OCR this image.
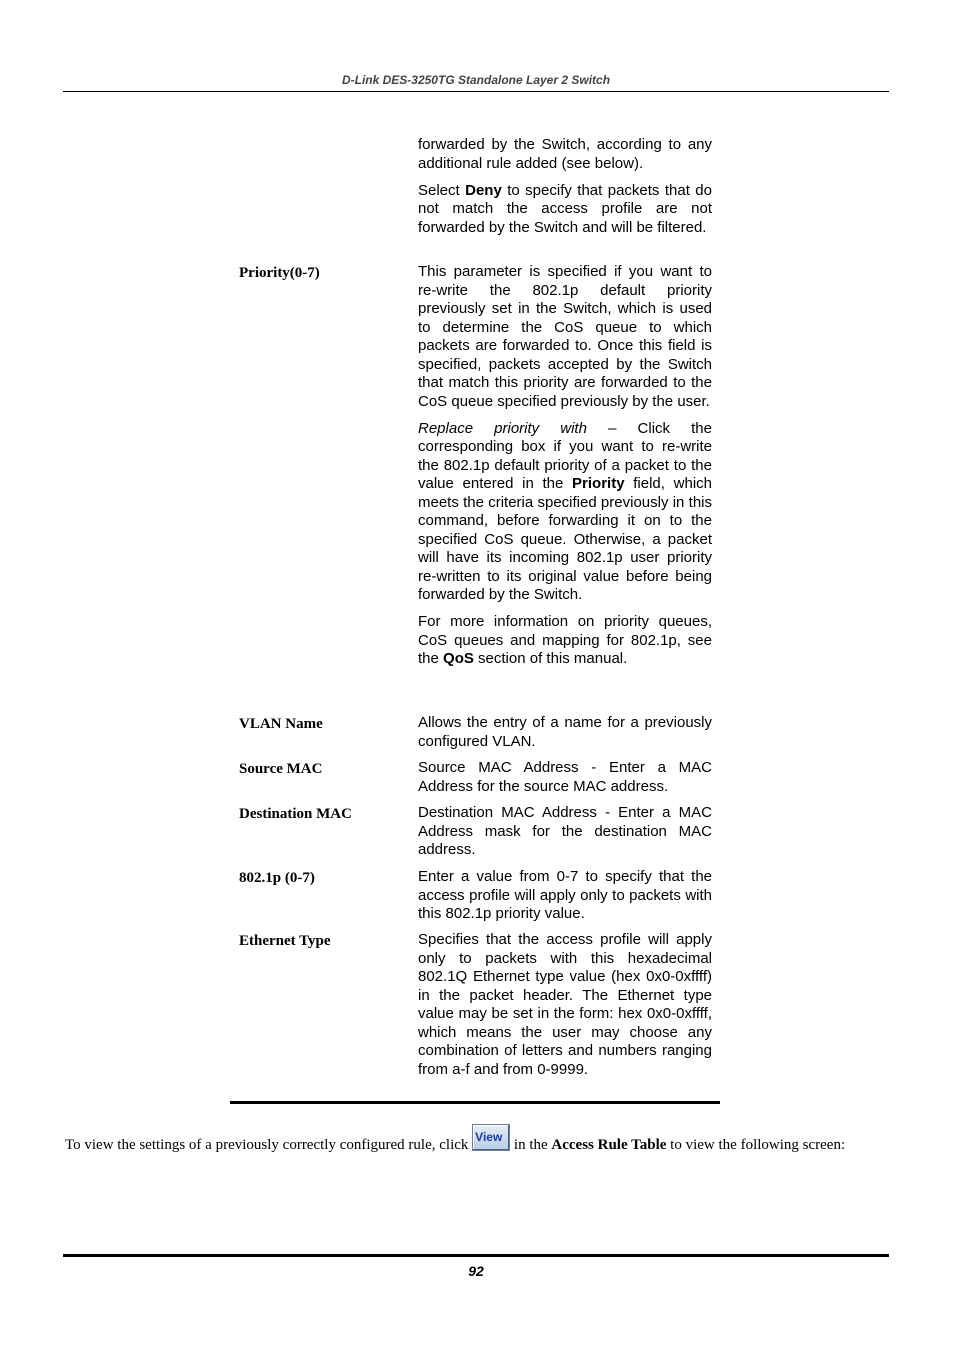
D-Link DES-3250TG Standalone Layer 2 Switch

forwarded by the Switch, according to any additional rule added (see below).

Select Deny to specify that packets that do not match the access profile are not forwarded by the Switch and will be filtered.

Priority(0-7)	This parameter is specified if you want to re-write the 802.1p default priority previously set in the Switch, which is used to determine the CoS queue to which packets are forwarded to. Once this field is specified, packets accepted by the Switch that match this priority are forwarded to the CoS queue specified previously by the user.

Replace priority with – Click the corresponding box if you want to re-write the 802.1p default priority of a packet to the value entered in the Priority field, which meets the criteria specified previously in this command, before forwarding it on to the specified CoS queue. Otherwise, a packet will have its incoming 802.1p user priority re-written to its original value before being forwarded by the Switch.

For more information on priority queues, CoS queues and mapping for 802.1p, see the QoS section of this manual.

VLAN Name	Allows the entry of a name for a previously configured VLAN.

Source MAC	Source MAC Address - Enter a MAC Address for the source MAC address.

Destination MAC	Destination MAC Address - Enter a MAC Address mask for the destination MAC address.

802.1p (0-7)	Enter a value from 0-7 to specify that the access profile will apply only to packets with this 802.1p priority value.

Ethernet Type	Specifies that the access profile will apply only to packets with this hexadecimal 802.1Q Ethernet type value (hex 0x0-0xffff) in the packet header. The Ethernet type value may be set in the form: hex 0x0-0xffff, which means the user may choose any combination of letters and numbers ranging from a-f and from 0-9999.

To view the settings of a previously correctly configured rule, click View in the Access Rule Table to view the following screen:
92
